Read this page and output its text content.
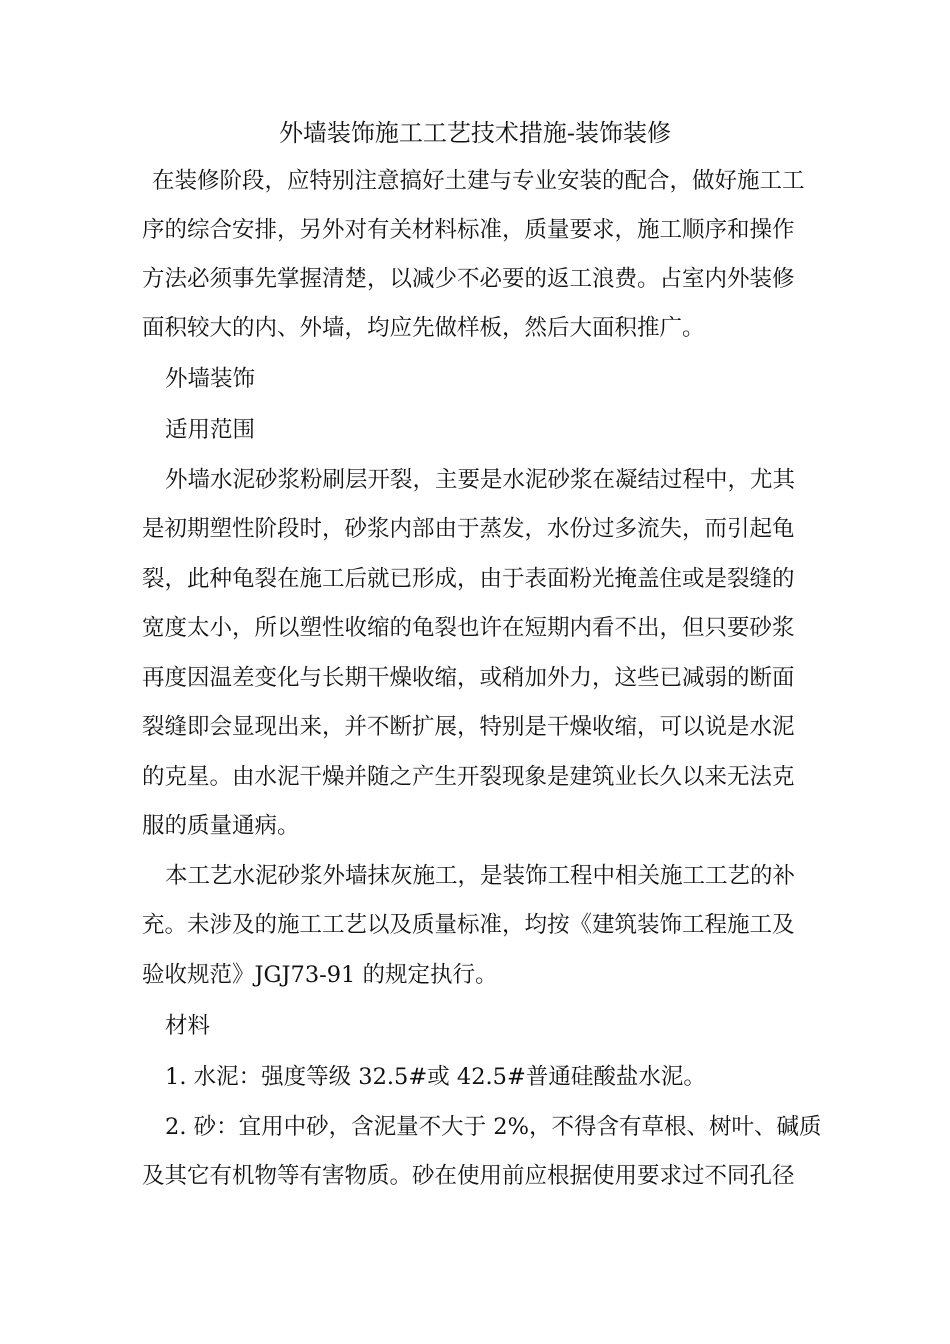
外墙装饰施工工艺技术措施-装饰装修
在装修阶段，应特别注意搞好土建与专业安装的配合，做好施工工
序的综合安排，另外对有关材料标准，质量要求，施工顺序和操作
方法必须事先掌握清楚，以减少不必要的返工浪费。占室内外装修
面积较大的内、外墙，均应先做样板，然后大面积推广。
外墙装饰
适用范围
外墙水泥砂浆粉刷层开裂，主要是水泥砂浆在凝结过程中，尤其
是初期塑性阶段时，砂浆内部由于蒸发，水份过多流失，而引起龟
裂，此种龟裂在施工后就已形成，由于表面粉光掩盖住或是裂缝的
宽度太小，所以塑性收缩的龟裂也许在短期内看不出，但只要砂浆
再度因温差变化与长期干燥收缩，或稍加外力，这些已减弱的断面
裂缝即会显现出来，并不断扩展，特别是干燥收缩，可以说是水泥
的克星。由水泥干燥并随之产生开裂现象是建筑业长久以来无法克
服的质量通病。
本工艺水泥砂浆外墙抹灰施工，是装饰工程中相关施工工艺的补
充。未涉及的施工工艺以及质量标准，均按《建筑装饰工程施工及
验收规范》JGJ73-91 的规定执行。
材料
1. 水泥：强度等级 32.5#或 42.5#普通硅酸盐水泥。
2. 砂：宜用中砂，含泥量不大于 2%，不得含有草根、树叶、碱质
及其它有机物等有害物质。砂在使用前应根据使用要求过不同孔径
